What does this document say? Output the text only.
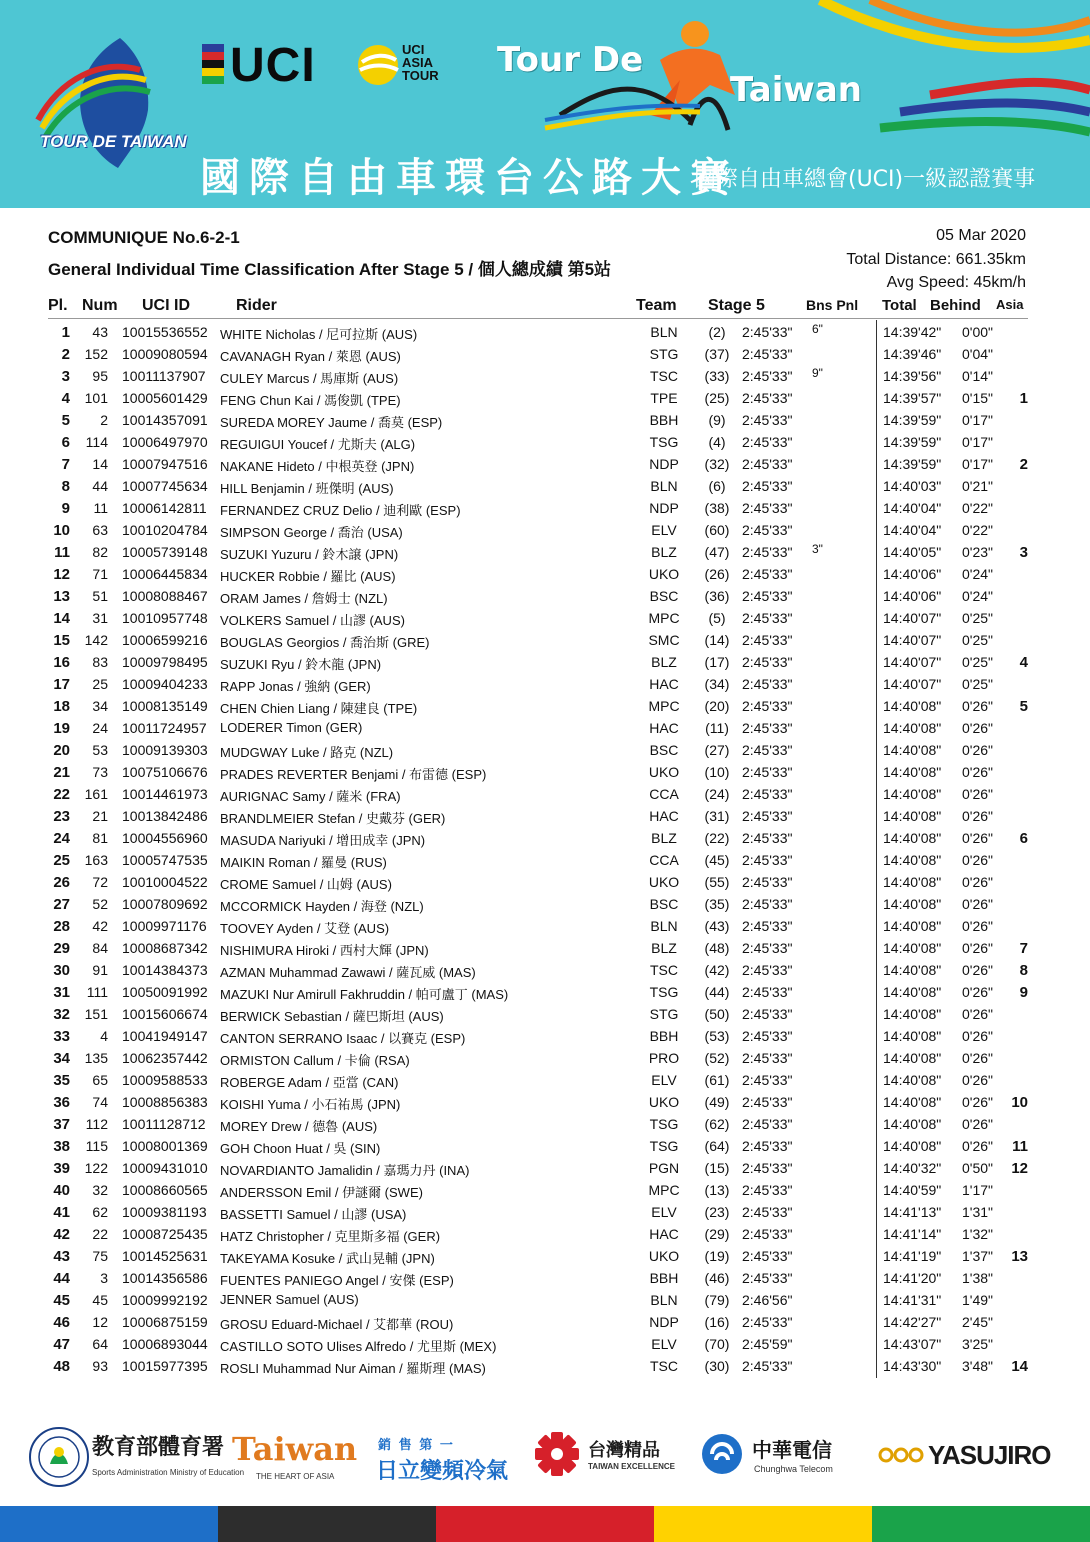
UCI	UCI
ASIA
TOUR Tour De
Taiwan
TOUR DE TAIWAN
國際自由車環台公路大賽
國際自由車總會(UCI)一級認證賽事
COMMUNIQUE No.6-2-1
General Individual Time Classification After Stage 5 / 個人總成績 第5站
05 Mar 2020
Total Distance: 661.35km
Avg Speed: 45km/h
Pl. Num UCI ID	Rider	Team Stage 5	Bns Pnl Total Behind Asia
1	43 10015536552 WHITE Nicholas / 尼可拉斯 (AUS)	BLN	(2)	2:45'33" 6"	14:39'42" 0'00"
2	152 10009080594 CAVANAGH Ryan / 萊恩 (AUS)	STG	(37) 2:45'33"	14:39'46" 0'04"
3	95 10011137907 CULEY Marcus / 馬庫斯 (AUS)	TSC	(33) 2:45'33" 9"	14:39'56" 0'14"
4	101 10005601429 FENG Chun Kai / 馮俊凱 (TPE)	TPE	(25) 2:45'33"	14:39'57" 0'15"	1
5	2 10014357091 SUREDA MOREY Jaume / 喬莫 (ESP)	BBH	(9)	2:45'33"	14:39'59" 0'17"
6	114 10006497970 REGUIGUI Youcef / 尤斯夫 (ALG)	TSG	(4)	2:45'33"	14:39'59" 0'17"
7	14 10007947516 NAKANE Hideto / 中根英登 (JPN)	NDP	(32) 2:45'33"	14:39'59" 0'17"	2
8	44 10007745634 HILL Benjamin / 班傑明 (AUS)	BLN	(6)	2:45'33"	14:40'03" 0'21"
9	11 10006142811 FERNANDEZ CRUZ Delio / 迪利歐 (ESP)	NDP	(38) 2:45'33"	14:40'04" 0'22"
10	63 10010204784 SIMPSON George / 喬治 (USA)	ELV	(60) 2:45'33"	14:40'04" 0'22"
11	82 10005739148 SUZUKI Yuzuru / 鈴木譲 (JPN)	BLZ	(47) 2:45'33" 3"	14:40'05" 0'23"	3
12	71 10006445834 HUCKER Robbie / 羅比 (AUS)	UKO	(26) 2:45'33"	14:40'06" 0'24"
13	51 10008088467 ORAM James / 詹姆士 (NZL)	BSC	(36) 2:45'33"	14:40'06" 0'24"
14	31 10010957748 VOLKERS Samuel / 山謬 (AUS)	MPC	(5)	2:45'33"	14:40'07" 0'25"
15	142 10006599216 BOUGLAS Georgios / 喬治斯 (GRE)	SMC	(14) 2:45'33"	14:40'07" 0'25"
16	83 10009798495 SUZUKI Ryu / 鈴木龍 (JPN)	BLZ	(17) 2:45'33"	14:40'07" 0'25"	4
17	25 10009404233 RAPP Jonas / 強納 (GER)	HAC	(34) 2:45'33"	14:40'07" 0'25"
18	34 10008135149 CHEN Chien Liang / 陳建良 (TPE)	MPC	(20) 2:45'33"	14:40'08" 0'26"	5
19	24 10011724957 LODERER Timon (GER)	HAC	(11) 2:45'33"	14:40'08" 0'26"
20	53 10009139303 MUDGWAY Luke / 路克 (NZL)	BSC	(27) 2:45'33"	14:40'08" 0'26"
21	73 10075106676 PRADES REVERTER Benjami / 布雷德 (ESP)	UKO	(10) 2:45'33"	14:40'08" 0'26"
22	161 10014461973 AURIGNAC Samy / 薩米 (FRA)	CCA	(24) 2:45'33"	14:40'08" 0'26"
23	21 10013842486 BRANDLMEIER Stefan / 史戴芬 (GER)	HAC	(31) 2:45'33"	14:40'08" 0'26"
24	81 10004556960 MASUDA Nariyuki / 增田成幸 (JPN)	BLZ	(22) 2:45'33"	14:40'08" 0'26"	6
25	163 10005747535 MAIKIN Roman / 羅曼 (RUS)	CCA	(45) 2:45'33"	14:40'08" 0'26"
26	72 10010004522 CROME Samuel / 山姆 (AUS)	UKO	(55) 2:45'33"	14:40'08" 0'26"
27	52 10007809692 MCCORMICK Hayden / 海登 (NZL)	BSC	(35) 2:45'33"	14:40'08" 0'26"
28	42 10009971176 TOOVEY Ayden / 艾登 (AUS)	BLN	(43) 2:45'33"	14:40'08" 0'26"
29	84 10008687342 NISHIMURA Hiroki / 西村大輝 (JPN)	BLZ	(48) 2:45'33"	14:40'08" 0'26"	7
30	91 10014384373 AZMAN Muhammad Zawawi / 薩瓦威 (MAS)	TSC	(42) 2:45'33"	14:40'08" 0'26"	8
31	111 10050091992 MAZUKI Nur Amirull Fakhruddin / 帕可盧丁 (MAS)	TSG	(44) 2:45'33"	14:40'08" 0'26"	9
32	151 10015606674 BERWICK Sebastian / 薩巴斯坦 (AUS)	STG	(50) 2:45'33"	14:40'08" 0'26"
33	4 10041949147 CANTON SERRANO Isaac / 以賽克 (ESP)	BBH	(53) 2:45'33"	14:40'08" 0'26"
34	135 10062357442 ORMISTON Callum / 卡倫 (RSA)	PRO	(52) 2:45'33"	14:40'08" 0'26"
35	65 10009588533 ROBERGE Adam / 亞當 (CAN)	ELV	(61) 2:45'33"	14:40'08" 0'26"
36	74 10008856383 KOISHI Yuma / 小石祐馬 (JPN)	UKO	(49) 2:45'33"	14:40'08" 0'26"	10
37	112 10011128712 MOREY Drew / 德魯 (AUS)	TSG	(62) 2:45'33"	14:40'08" 0'26"
38	115 10008001369 GOH Choon Huat / 吳 (SIN)	TSG	(64) 2:45'33"	14:40'08" 0'26"	11
39	122 10009431010 NOVARDIANTO Jamalidin / 嘉瑪力丹 (INA)	PGN	(15) 2:45'33"	14:40'32" 0'50"	12
40	32 10008660565 ANDERSSON Emil / 伊謎爾 (SWE)	MPC	(13) 2:45'33"	14:40'59" 1'17"
41	62 10009381193 BASSETTI Samuel / 山謬 (USA)	ELV	(23) 2:45'33"	14:41'13" 1'31"
42	22 10008725435 HATZ Christopher / 克里斯多福 (GER)	HAC	(29) 2:45'33"	14:41'14" 1'32"
43	75 10014525631 TAKEYAMA Kosuke / 武山晃輔 (JPN)	UKO	(19) 2:45'33"	14:41'19" 1'37"	13
44	3 10014356586 FUENTES PANIEGO Angel / 安傑 (ESP)	BBH	(46) 2:45'33"	14:41'20" 1'38"
45	45 10009992192 JENNER Samuel (AUS)	BLN	(79) 2:46'56"	14:41'31" 1'49"
46	12 10006875159 GROSU Eduard-Michael / 艾都華 (ROU)	NDP	(16) 2:45'33"	14:42'27" 2'45"
47	64 10006893044 CASTILLO SOTO Ulises Alfredo / 尤里斯 (MEX)	ELV	(70) 2:45'59"	14:43'07" 3'25"
48	93 10015977395 ROSLI Muhammad Nur Aiman / 羅斯理 (MAS)	TSC	(30) 2:45'33"	14:43'30" 3'48"	14
教育部體育署
Sports Administration Ministry of Education
Taiwan
THE HEART OF ASIA
銷 售 第 一
日立變頻冷氣
台灣精品
TAIWAN EXCELLENCE
中華電信
Chunghwa Telecom	YASUJIRO
